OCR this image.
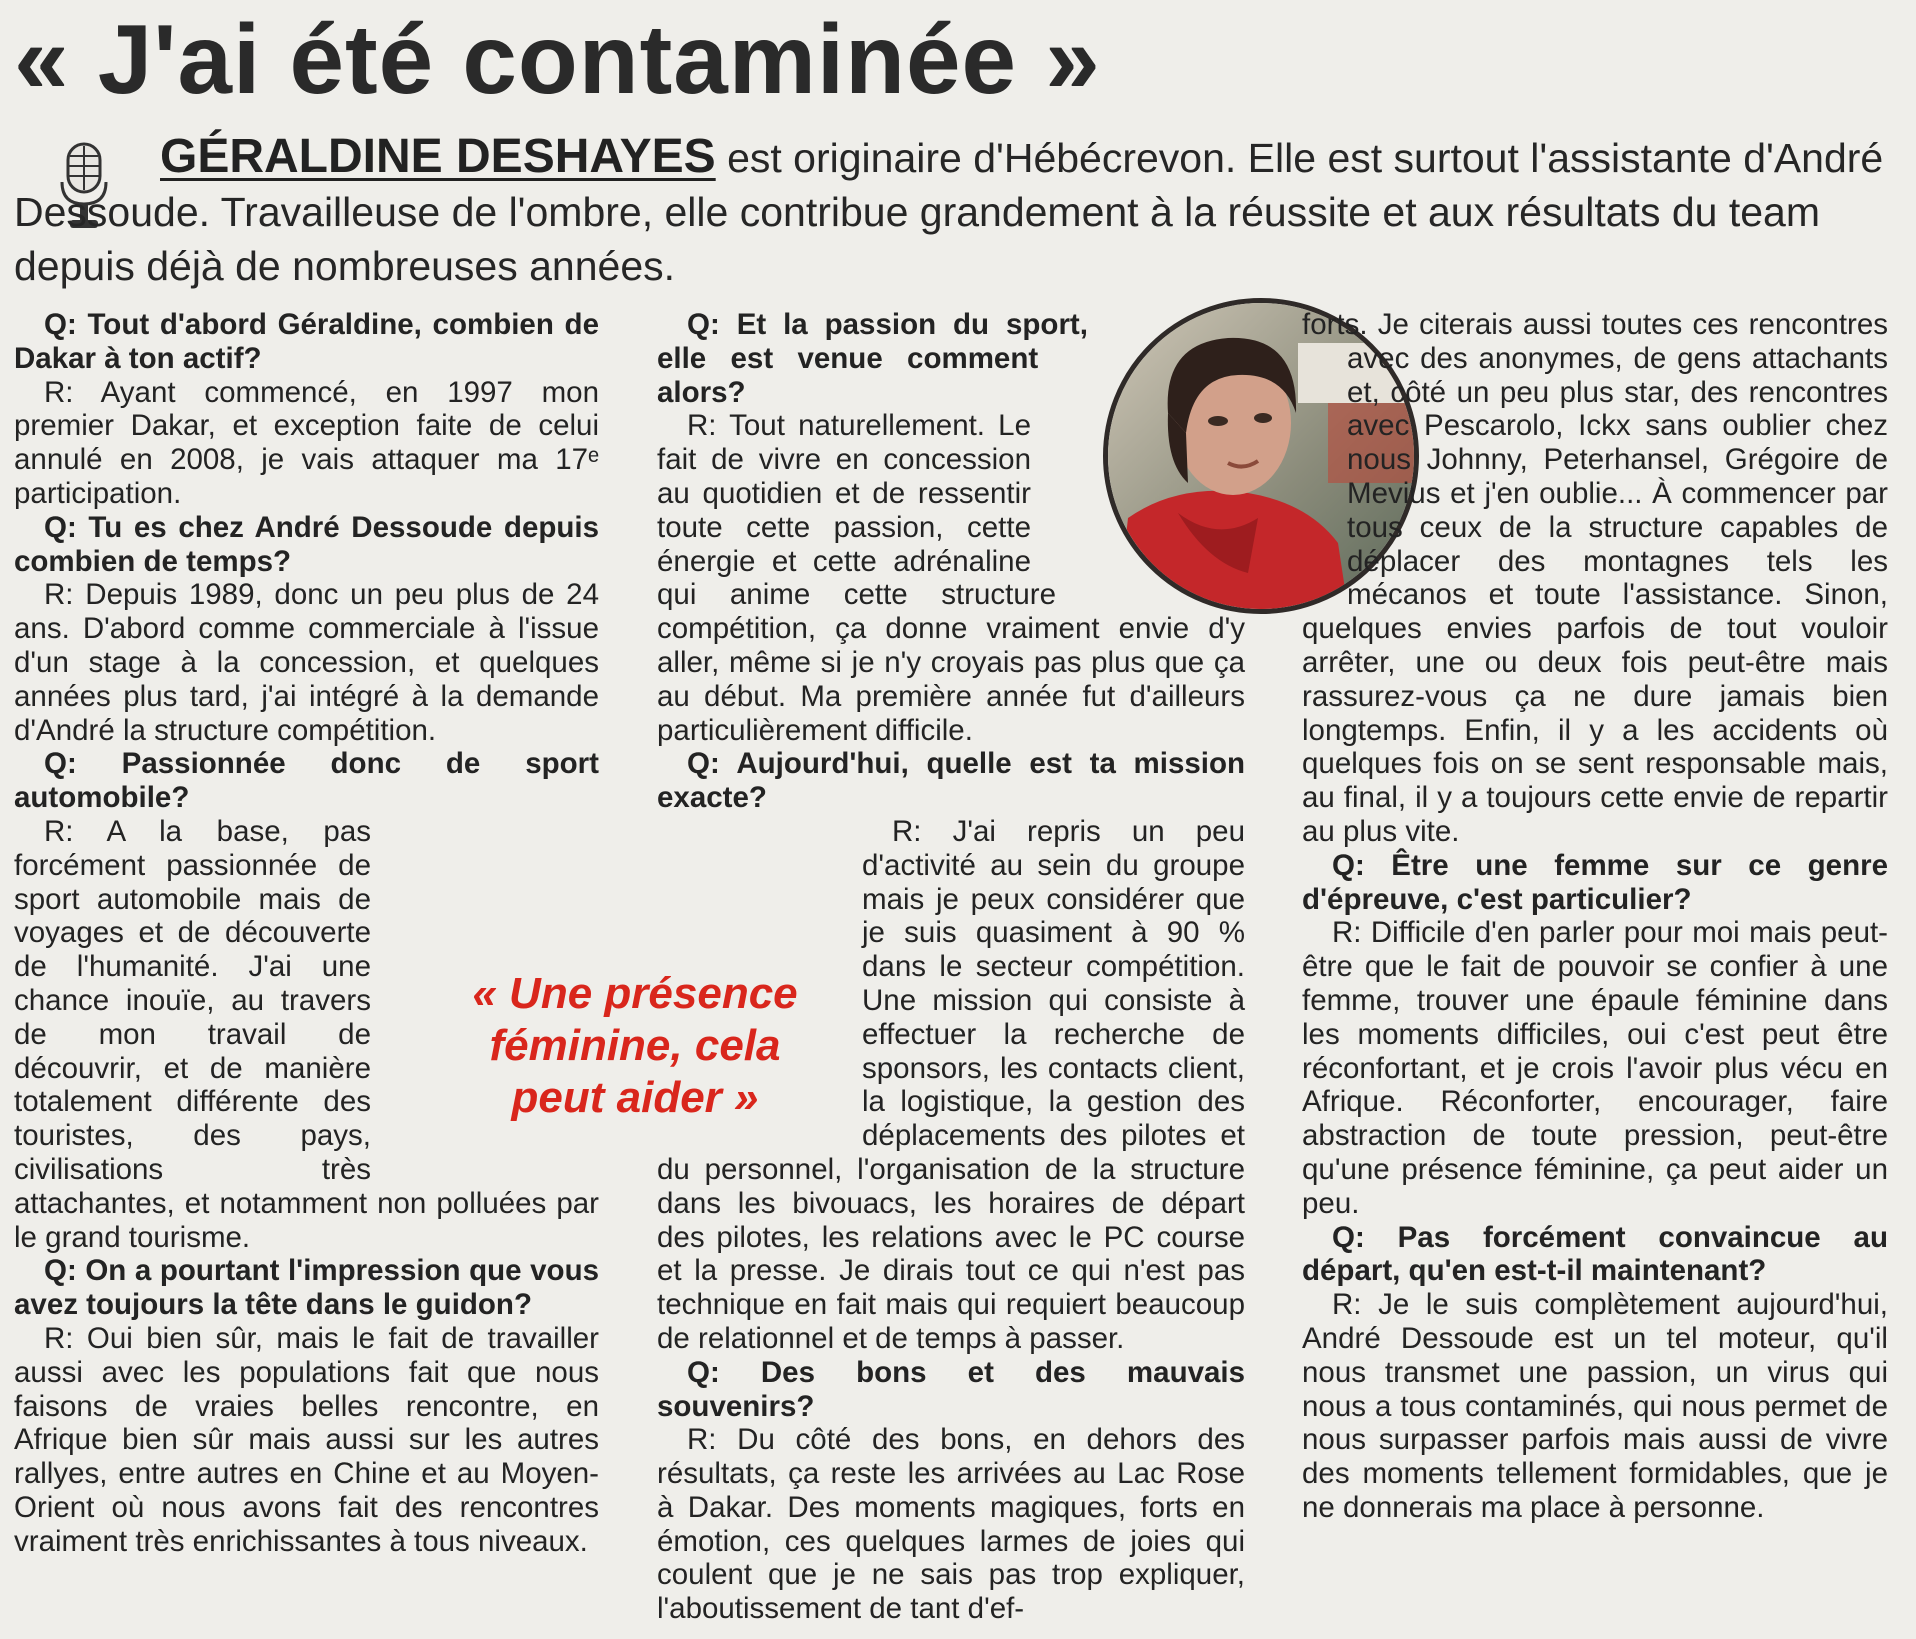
« J'ai été contaminée »

GÉRALDINE DESHAYES est originaire d'Hébécrevon. Elle est surtout l'assistante d'André Dessoude. Travailleuse de l'ombre, elle contribue grandement à la réussite et aux résultats du team depuis déjà de nombreuses années.

Q: Tout d'abord Géraldine, combien de Dakar à ton actif?

R: Ayant commencé, en 1997 mon premier Dakar, et exception faite de celui annulé en 2008, je vais attaquer ma 17ᵉ participation.

Q: Tu es chez André Dessoude depuis combien de temps?

R: Depuis 1989, donc un peu plus de 24 ans. D'abord comme commerciale à l'issue d'un stage à la concession, et quelques années plus tard, j'ai intégré à la demande d'André la structure compétition.

Q: Passionnée donc de sport automobile?

R: A la base, pas forcément passionnée de sport automobile mais de voyages et de découverte de l'humanité. J'ai une chance inouïe, au travers de mon travail de découvrir, et de manière totalement différente des touristes, des pays, civilisations très attachantes, et notamment non polluées par le grand tourisme.

Q: On a pourtant l'impression que vous avez toujours la tête dans le guidon?

R: Oui bien sûr, mais le fait de travailler aussi avec les populations fait que nous faisons de vraies belles rencontre, en Afrique bien sûr mais aussi sur les autres rallyes, entre autres en Chine et au Moyen-Orient où nous avons fait des rencontres vraiment très enrichissantes à tous niveaux.

Q: Et la passion du sport, elle est venue comment alors?

R: Tout naturellement. Le fait de vivre en concession au quotidien et de ressentir toute cette passion, cette énergie et cette adrénaline qui anime cette structure compétition, ça donne vraiment envie d'y aller, même si je n'y croyais pas plus que ça au début. Ma première année fut d'ailleurs particulièrement difficile.

Q: Aujourd'hui, quelle est ta mission exacte?

R: J'ai repris un peu d'activité au sein du groupe mais je peux considérer que je suis quasiment à 90 % dans le secteur compétition. Une mission qui consiste à effectuer la recherche de sponsors, les contacts client, la logistique, la gestion des déplacements des pilotes et du personnel, l'organisation de la structure dans les bivouacs, les horaires de départ des pilotes, les relations avec le PC course et la presse. Je dirais tout ce qui n'est pas technique en fait mais qui requiert beaucoup de relationnel et de temps à passer.

Q: Des bons et des mauvais souvenirs?

R: Du côté des bons, en dehors des résultats, ça reste les arrivées au Lac Rose à Dakar. Des moments magiques, forts en émotion, ces quelques larmes de joies qui coulent que je ne sais pas trop expliquer, l'aboutissement de tant d'ef-

forts. Je citerais aussi toutes ces rencontres avec des anonymes, de gens attachants et, côté un peu plus star, des rencontres avec Pescarolo, Ickx sans oublier chez nous Johnny, Peterhansel, Grégoire de Mevius et j'en oublie... À commencer par tous ceux de la structure capables de déplacer des montagnes tels les mécanos et toute l'assistance. Sinon, quelques envies parfois de tout vouloir arrêter, une ou deux fois peut-être mais rassurez-vous ça ne dure jamais bien longtemps. Enfin, il y a les accidents où quelques fois on se sent responsable mais, au final, il y a toujours cette envie de repartir au plus vite.

Q: Être une femme sur ce genre d'épreuve, c'est particulier?

R: Difficile d'en parler pour moi mais peut-être que le fait de pouvoir se confier à une femme, trouver une épaule féminine dans les moments difficiles, oui c'est peut être réconfortant, et je crois l'avoir plus vécu en Afrique. Réconforter, encourager, faire abstraction de toute pression, peut-être qu'une présence féminine, ça peut aider un peu.

Q: Pas forcément convaincue au départ, qu'en est-t-il maintenant?

R: Je le suis complètement aujourd'hui, André Dessoude est un tel moteur, qu'il nous transmet une passion, un virus qui nous a tous contaminés, qui nous permet de nous surpasser parfois mais aussi de vivre des moments tellement formidables, que je ne donnerais ma place à personne.

« Une présence féminine, cela peut aider »
